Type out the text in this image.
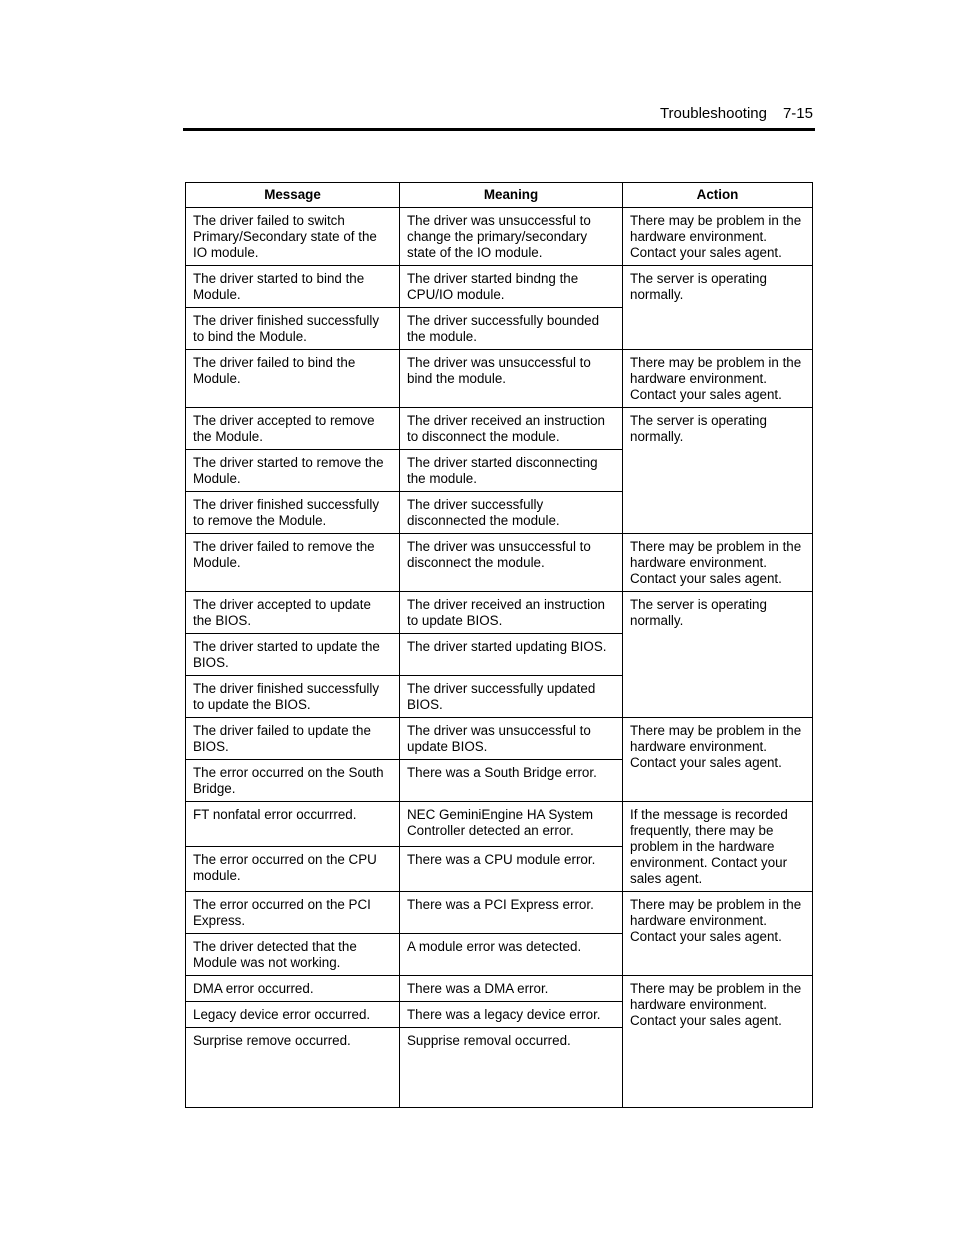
Troubleshooting 7-15
Message	Meaning	Action
The driver failed to switch Primary/Secondary state of the IO module.	The driver was unsuccessful to change the primary/secondary state of the IO module.	There may be problem in the hardware environment. Contact your sales agent.
The driver started to bind the Module.	The driver started bindng the CPU/IO module.	The server is operating normally.
The driver finished successfully to bind the Module.	The driver successfully bounded the module.	
The driver failed to bind the Module.	The driver was unsuccessful to bind the module.	There may be problem in the hardware environment. Contact your sales agent.
The driver accepted to remove the Module.	The driver received an instruction to disconnect the module.	The server is operating normally.
The driver started to remove the Module.	The driver started disconnecting the module.	
The driver finished successfully to remove the Module.	The driver successfully disconnected the module.	
The driver failed to remove the Module.	The driver was unsuccessful to disconnect the module.	There may be problem in the hardware environment. Contact your sales agent.
The driver accepted to update the BIOS.	The driver received an instruction to update BIOS.	The server is operating normally.
The driver started to update the BIOS.	The driver started updating BIOS.	
The driver finished successfully to update the BIOS.	The driver successfully updated BIOS.	
The driver failed to update the BIOS.	The driver was unsuccessful to update BIOS.	There may be problem in the hardware environment. Contact your sales agent.
The error occurred on the South Bridge.	There was a South Bridge error.	
FT nonfatal error occurrred.	NEC GeminiEngine HA System Controller detected an error.	If the message is recorded frequently, there may be problem in the hardware environment. Contact your sales agent.
The error occurred on the CPU module.	There was a CPU module error.	
The error occurred on the PCI Express.	There was a PCI Express error.	There may be problem in the hardware environment. Contact your sales agent.
The driver detected that the Module was not working.	A module error was detected.	
DMA error occurred.	There was a DMA error.	There may be problem in the hardware environment. Contact your sales agent.
Legacy device error occurred.	There was a legacy device error.	
Surprise remove occurred.	Supprise removal occurred.	
